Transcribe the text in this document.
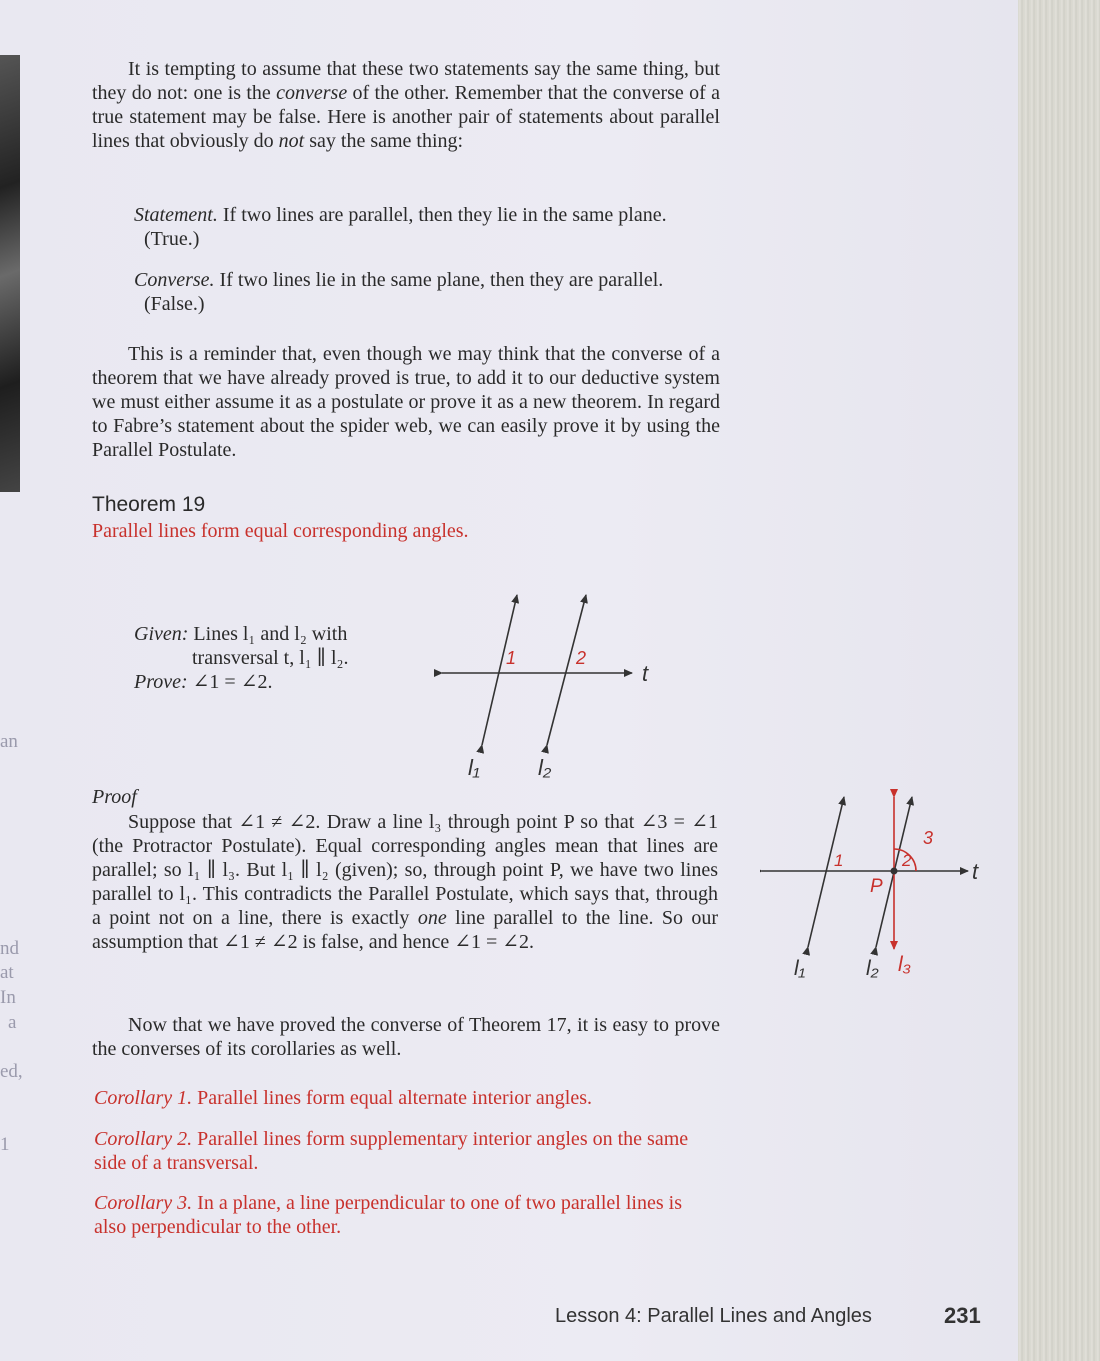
an
nd
at
In
a
ed,
1
It is tempting to assume that these two statements say the same thing, but they do not: one is the converse of the other. Remember that the converse of a true statement may be false. Here is another pair of statements about parallel lines that obviously do not say the same thing:
Statement. If two lines are parallel, then they lie in the same plane. (True.)
Converse. If two lines lie in the same plane, then they are parallel. (False.)
This is a reminder that, even though we may think that the converse of a theorem that we have already proved is true, to add it to our deductive system we must either assume it as a postulate or prove it as a new theorem. In regard to Fabre’s statement about the spider web, we can easily prove it by using the Parallel Postulate.
Theorem 19
Parallel lines form equal corresponding angles.
Given: Lines l₁ and l₂ with
transversal t, l₁ ∥ l₂.
Prove: ∠1 = ∠2.
1	2
t
l₁	l₂
Proof
Suppose that ∠1 ≠ ∠2. Draw a line l₃ through point P so that ∠3 = ∠1 (the Protractor Postulate). Equal corresponding angles mean that lines are parallel; so l₁ ∥ l₃. But l₁ ∥ l₂ (given); so, through point P, we have two lines parallel to l₁. This contradicts the Parallel Postulate, which says that, through a point not on a line, there is exactly one line parallel to the line. So our assumption that ∠1 ≠ ∠2 is false, and hence ∠1 = ∠2.
1	2
3
P
t
l₁	l₂ l₃
Now that we have proved the converse of Theorem 17, it is easy to prove the converses of its corollaries as well.
Corollary 1. Parallel lines form equal alternate interior angles.
Corollary 2. Parallel lines form supplementary interior angles on the same side of a transversal.
Corollary 3. In a plane, a line perpendicular to one of two parallel lines is also perpendicular to the other.
Lesson 4: Parallel Lines and Angles	231
